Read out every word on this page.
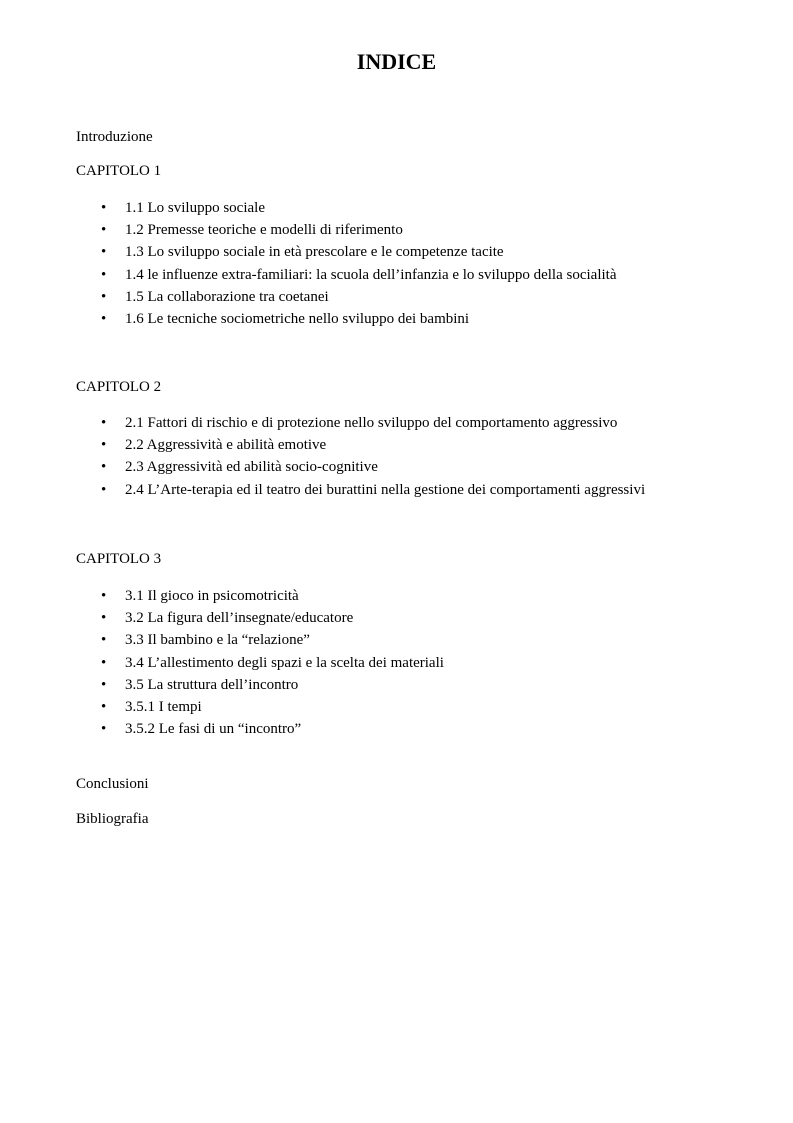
INDICE
Introduzione
CAPITOLO 1
• 1.1 Lo sviluppo sociale
• 1.2 Premesse teoriche e modelli di riferimento
• 1.3 Lo sviluppo sociale in età prescolare e le competenze tacite
• 1.4 le influenze extra-familiari: la scuola dell’infanzia e lo sviluppo della socialità
• 1.5 La collaborazione tra coetanei
• 1.6 Le tecniche sociometriche nello sviluppo dei bambini
CAPITOLO 2
• 2.1 Fattori di rischio e di protezione nello sviluppo del comportamento aggressivo
• 2.2 Aggressività e abilità emotive
• 2.3 Aggressività ed abilità socio-cognitive
• 2.4 L’Arte-terapia ed il teatro dei burattini nella gestione dei comportamenti aggressivi
CAPITOLO 3
• 3.1 Il gioco in psicomotricità
• 3.2 La figura dell’insegnate/educatore
• 3.3 Il bambino e la “relazione”
• 3.4 L’allestimento degli spazi e la scelta dei materiali
• 3.5 La struttura dell’incontro
• 3.5.1 I tempi
• 3.5.2 Le fasi di un “incontro”
Conclusioni
Bibliografia
